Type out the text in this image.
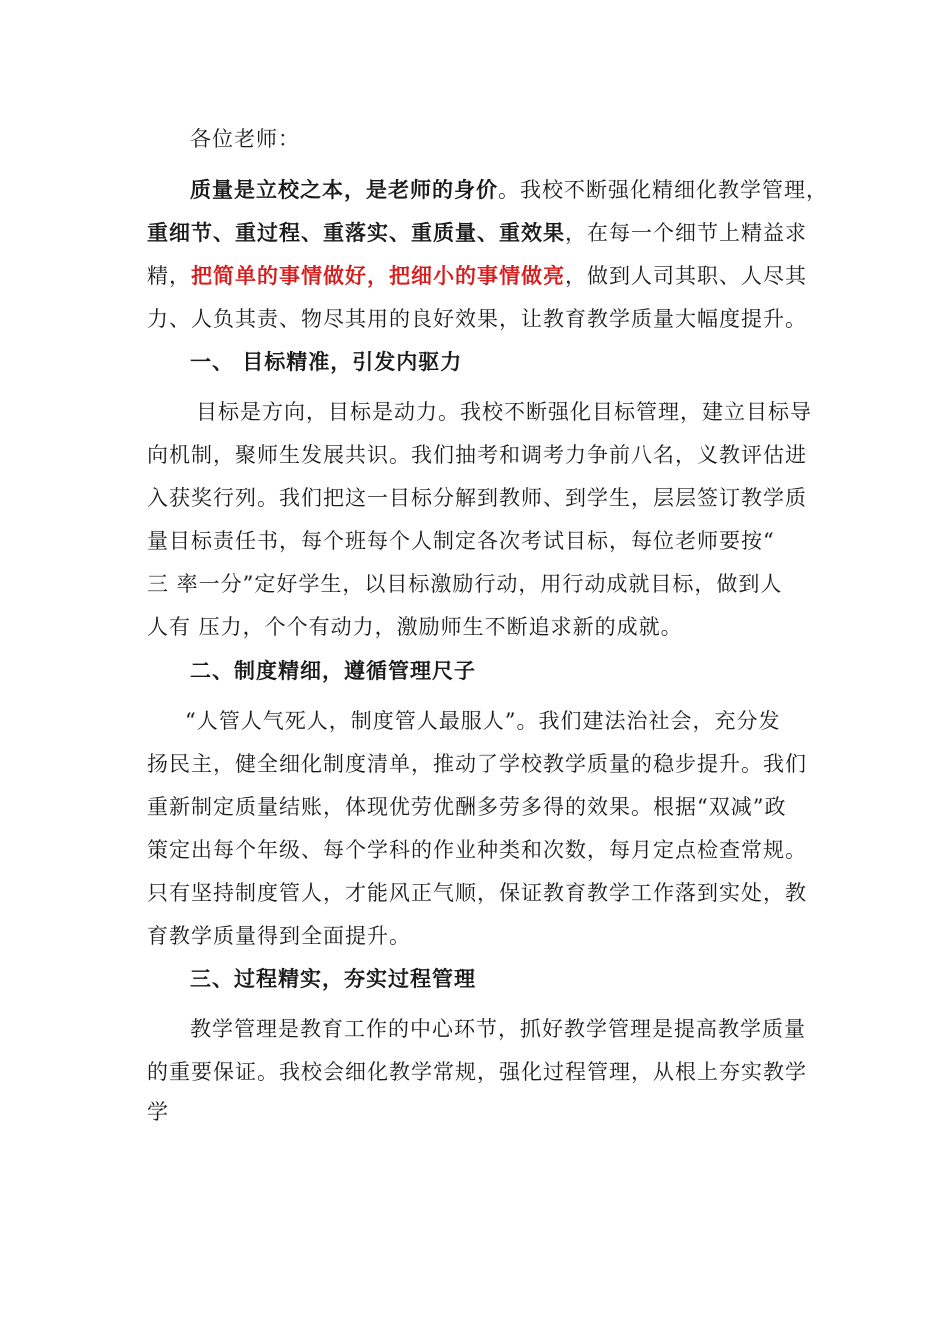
各位老师：
质量是立校之本，是老师的身价。我校不断强化精细化教学管理，
重细节、重过程、重落实、重质量、重效果，在每一个细节上精益求
精，把简单的事情做好，把细小的事情做亮，做到人司其职、人尽其
力、人负其责、物尽其用的良好效果，让教育教学质量大幅度提升。
一、 目标精准，引发内驱力
目标是方向，目标是动力。我校不断强化目标管理，建立目标导
向机制，聚师生发展共识。我们抽考和调考力争前八名，义教评估进
入获奖行列。我们把这一目标分解到教师、到学生，层层签订教学质
量目标责任书，每个班每个人制定各次考试目标，每位老师要按“
三 率一分”定好学生，以目标激励行动，用行动成就目标，做到人
人有 压力，个个有动力，激励师生不断追求新的成就。
二、制度精细，遵循管理尺子
“人管人气死人，制度管人最服人”。我们建法治社会，充分发
扬民主，健全细化制度清单，推动了学校教学质量的稳步提升。我们
重新制定质量结账，体现优劳优酬多劳多得的效果。根据“双减”政
策定出每个年级、每个学科的作业种类和次数，每月定点检查常规。
只有坚持制度管人，才能风正气顺，保证教育教学工作落到实处，教
育教学质量得到全面提升。
三、过程精实，夯实过程管理
教学管理是教育工作的中心环节，抓好教学管理是提高教学质量
的重要保证。我校会细化教学常规，强化过程管理，从根上夯实教学
学
